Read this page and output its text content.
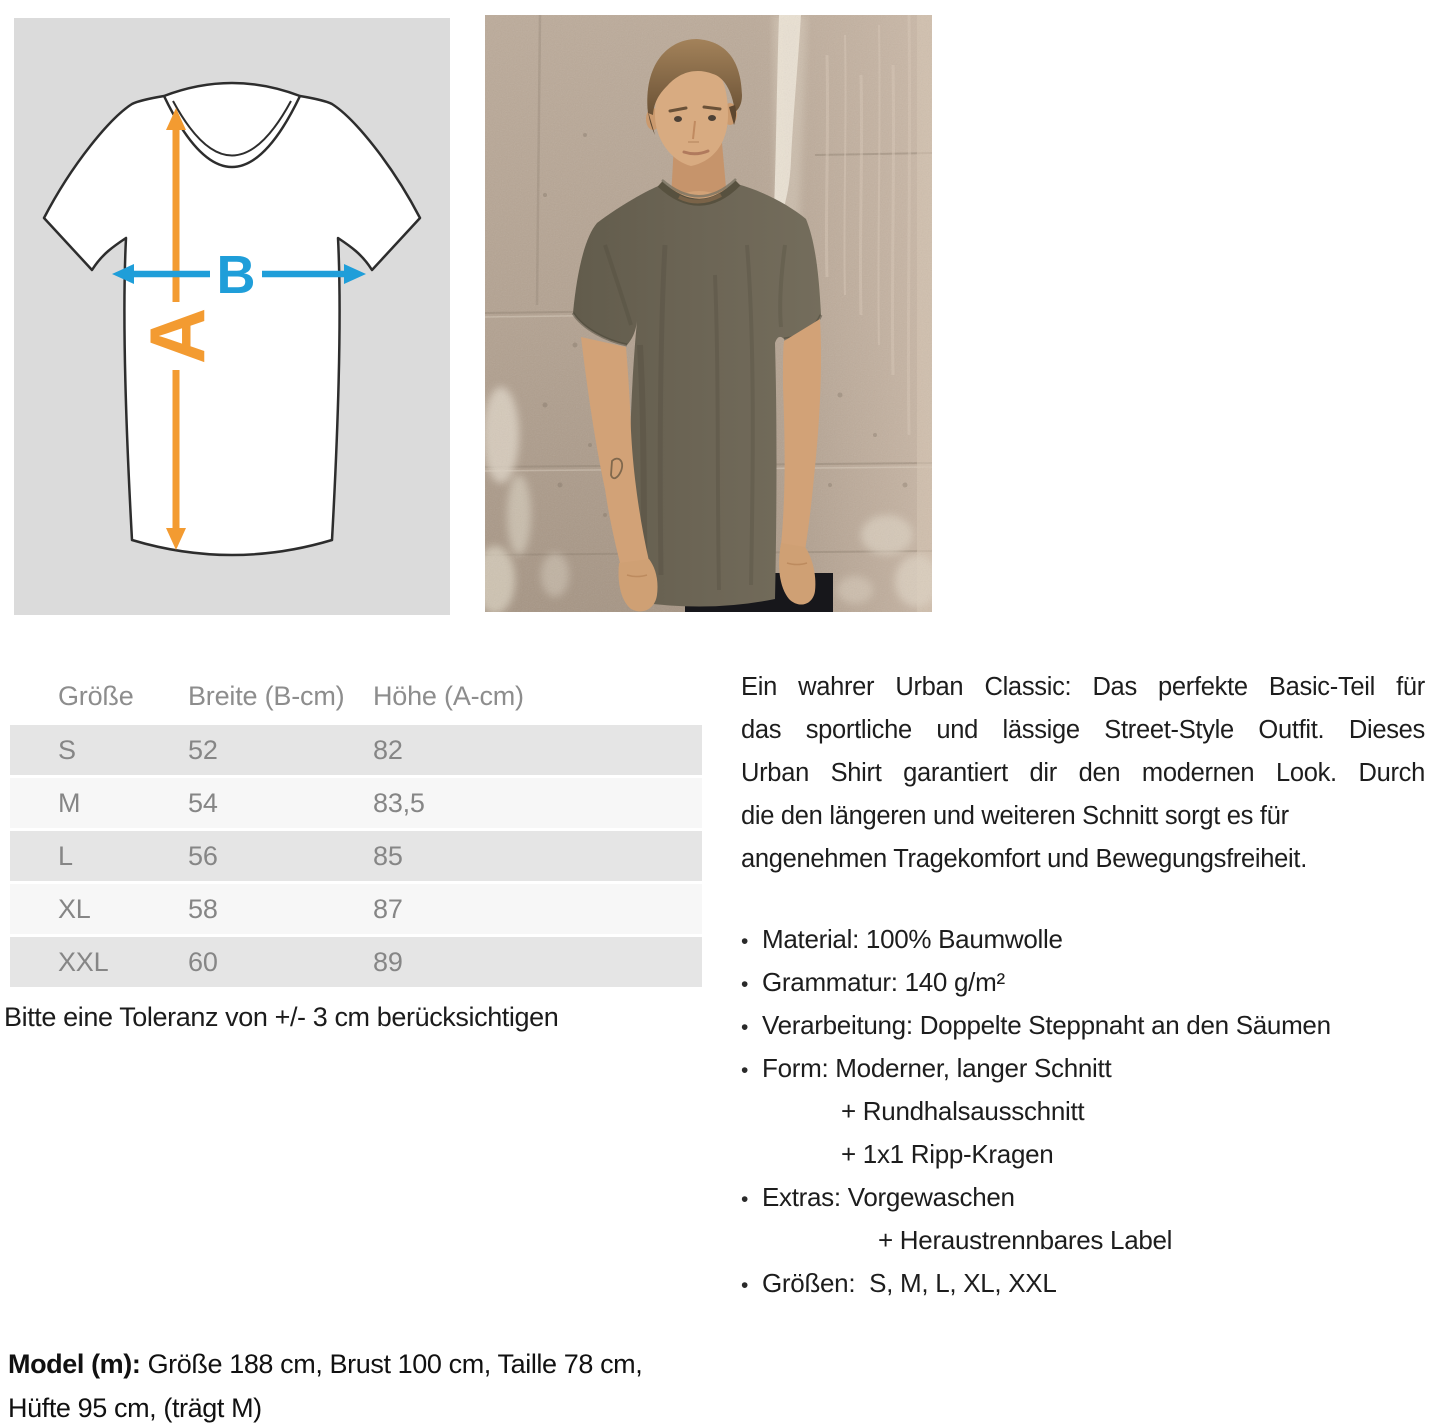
A
B
Größe	Breite (B-cm)	Höhe (A-cm)
S	52	82
M	54	83,5
L	56	85
XL	58	87
XXL	60	89
Bitte eine Toleranz von +/- 3 cm berücksichtigen
Ein wahrer Urban Classic: Das perfekte Basic-Teil für
das sportliche und lässige Street-Style Outfit. Dieses
Urban Shirt garantiert dir den modernen Look. Durch
die den längeren und weiteren Schnitt sorgt es für
angenehmen Tragekomfort und Bewegungsfreiheit.
• Material: 100% Baumwolle
• Grammatur: 140 g/m²
• Verarbeitung: Doppelte Steppnaht an den Säumen
• Form: Moderner, langer Schnitt
+ Rundhalsausschnitt
+ 1x1 Ripp-Kragen
• Extras: Vorgewaschen
+ Heraustrennbares Label
• Größen:  S, M, L, XL, XXL
Model (m): Größe 188 cm, Brust 100 cm, Taille 78 cm,
Hüfte 95 cm, (trägt M)
